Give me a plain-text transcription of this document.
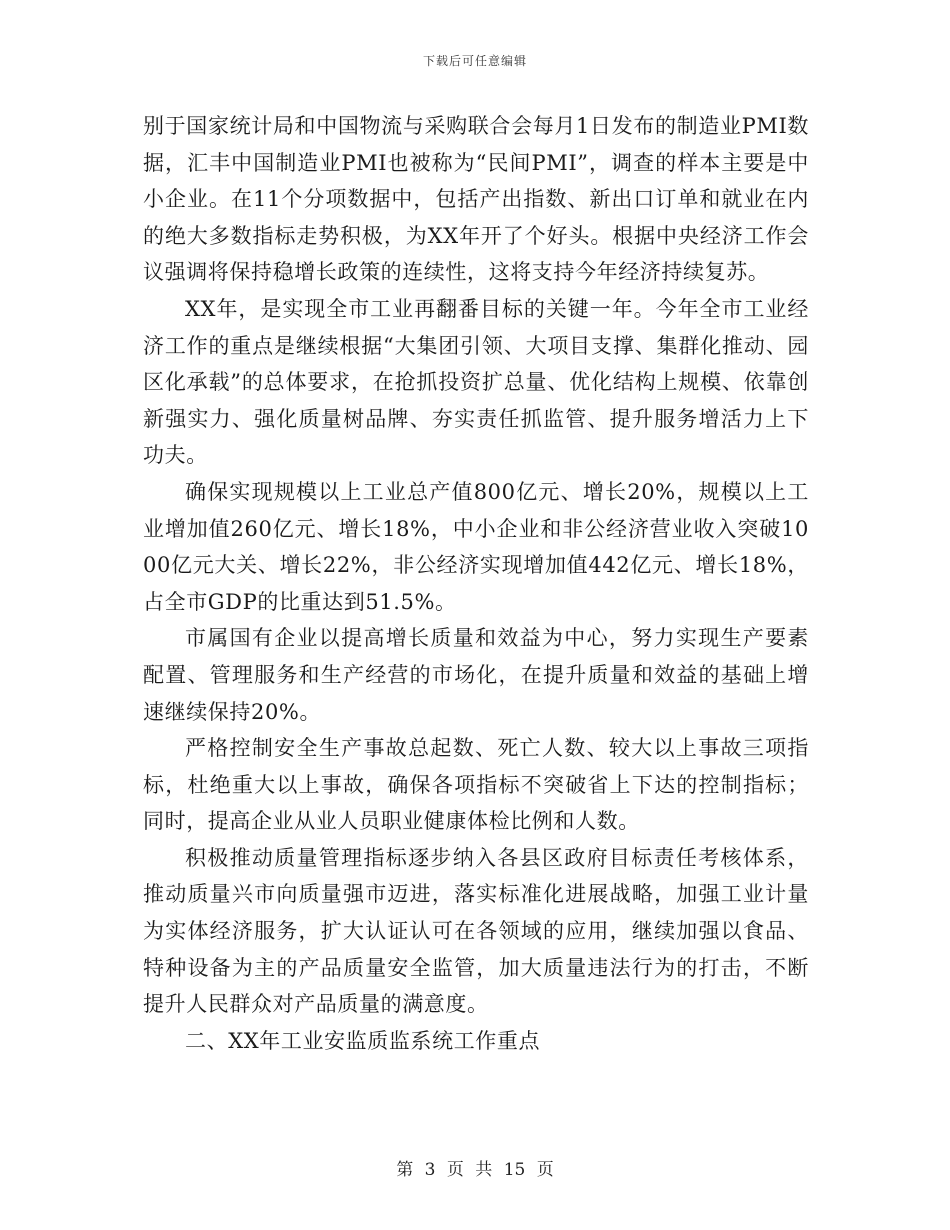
下载后可任意编辑

别于国家统计局和中国物流与采购联合会每月1日发布的制造业PMI数据，汇丰中国制造业PMI也被称为“民间PMI”，调查的样本主要是中小企业。在11个分项数据中，包括产出指数、新出口订单和就业在内的绝大多数指标走势积极，为XX年开了个好头。根据中央经济工作会议强调将保持稳增长政策的连续性，这将支持今年经济持续复苏。

XX年，是实现全市工业再翻番目标的关键一年。今年全市工业经济工作的重点是继续根据“大集团引领、大项目支撑、集群化推动、园区化承载”的总体要求，在抢抓投资扩总量、优化结构上规模、依靠创新强实力、强化质量树品牌、夯实责任抓监管、提升服务增活力上下功夫。

确保实现规模以上工业总产值800亿元、增长20%，规模以上工业增加值260亿元、增长18%，中小企业和非公经济营业收入突破1000亿元大关、增长22%，非公经济实现增加值442亿元、增长18%，占全市GDP的比重达到51.5%。

市属国有企业以提高增长质量和效益为中心，努力实现生产要素配置、管理服务和生产经营的市场化，在提升质量和效益的基础上增速继续保持20%。

严格控制安全生产事故总起数、死亡人数、较大以上事故三项指标，杜绝重大以上事故，确保各项指标不突破省上下达的控制指标；同时，提高企业从业人员职业健康体检比例和人数。

积极推动质量管理指标逐步纳入各县区政府目标责任考核体系，推动质量兴市向质量强市迈进，落实标准化进展战略，加强工业计量为实体经济服务，扩大认证认可在各领域的应用，继续加强以食品、特种设备为主的产品质量安全监管，加大质量违法行为的打击，不断提升人民群众对产品质量的满意度。

二、XX年工业安监质监系统工作重点

第 3 页 共 15 页
